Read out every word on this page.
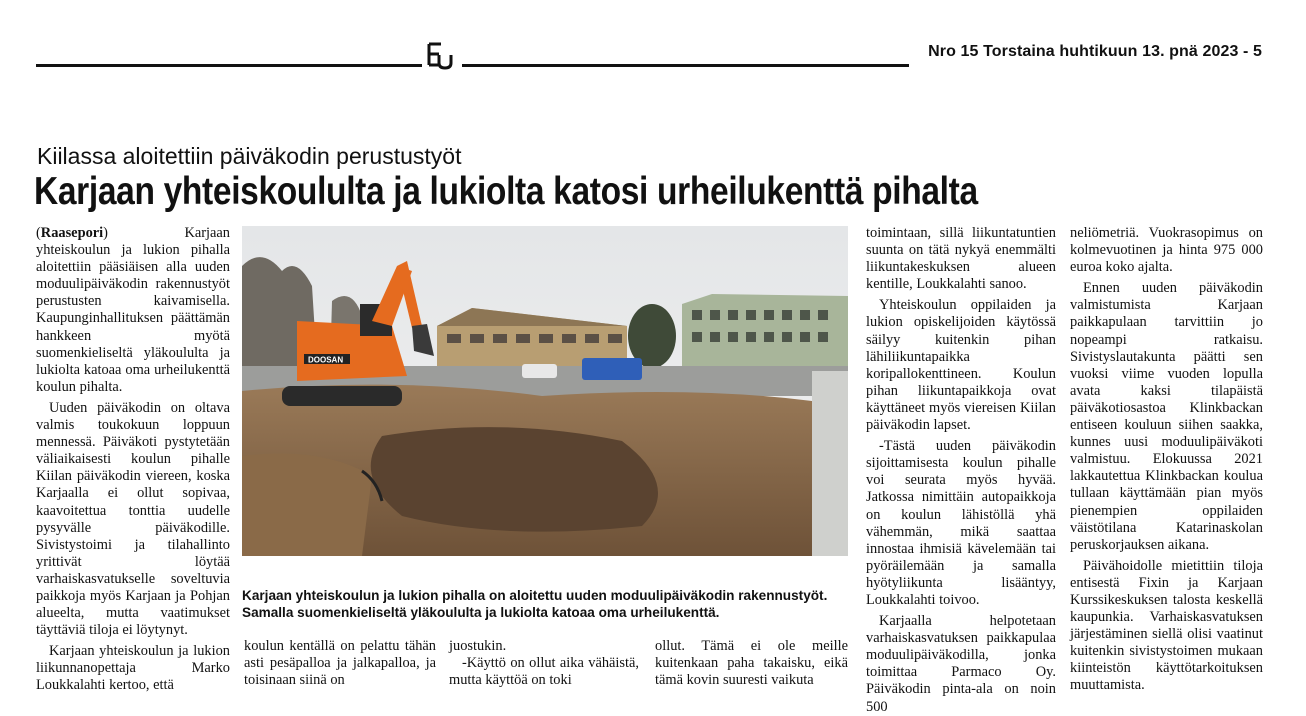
Nro 15 Torstaina huhtikuun 13. pnä 2023 - 5
Kiilassa aloitettiin päiväkodin perustustyöt
Karjaan yhteiskoululta ja lukiolta katosi urheilukenttä pihalta

(Raasepori) Karjaan yhteiskoulun ja lukion pihalla aloitettiin pääsiäisen alla uuden moduulipäiväkodin rakennustyöt perustusten kaivamisella. Kaupunginhallituksen päättämän hankkeen myötä suomenkieliseltä yläkoululta ja lukiolta katoaa oma urheilukenttä koulun pihalta.

Uuden päiväkodin on oltava valmis toukokuun loppuun mennessä. Päiväkoti pystytetään väliaikaisesti koulun pihalle Kiilan päiväkodin viereen, koska Karjaalla ei ollut sopivaa, kaavoitettua tonttia uudelle pysyvälle päiväkodille. Sivistystoimi ja tilahallinto yrittivät löytää varhaiskasvatukselle soveltuvia paikkoja myös Karjaan ja Pohjan alueelta, mutta vaatimukset täyttäviä tiloja ei löytynyt.

Karjaan yhteiskoulun ja lukion liikunnanopettaja Marko Loukkalahti kertoo, että

DOOSAN
Karjaan yhteiskoulun ja lukion pihalla on aloitettu uuden moduulipäiväkodin rakennustyöt. Samalla suomenkieliseltä yläkoululta ja lukiolta katoaa oma urheilukenttä.

koulun kentällä on pelattu tähän asti pesäpalloa ja jalkapalloa, ja toisinaan siinä on

juostukin.

-Käyttö on ollut aika vähäistä, mutta käyttöä on toki

ollut. Tämä ei ole meille kuitenkaan paha takaisku, eikä tämä kovin suuresti vaikuta

toimintaan, sillä liikuntatuntien suunta on tätä nykyä enemmälti liikuntakeskuksen alueen kentille, Loukkalahti sanoo.

Yhteiskoulun oppilaiden ja lukion opiskelijoiden käytössä säilyy kuitenkin pihan lähiliikuntapaikka koripallokenttineen. Koulun pihan liikuntapaikkoja ovat käyttäneet myös viereisen Kiilan päiväkodin lapset.

-Tästä uuden päiväkodin sijoittamisesta koulun pihalle voi seurata myös hyvää. Jatkossa nimittäin autopaikkoja on koulun lähistöllä yhä vähemmän, mikä saattaa innostaa ihmisiä kävelemään tai pyöräilemään ja samalla hyötyliikunta lisääntyy, Loukkalahti toivoo.

Karjaalla helpotetaan varhaiskasvatuksen paikkapulaa moduulipäiväkodilla, jonka toimittaa Parmaco Oy. Päiväkodin pinta-ala on noin 500

neliömetriä. Vuokrasopimus on kolmevuotinen ja hinta 975 000 euroa koko ajalta.

Ennen uuden päiväkodin valmistumista Karjaan paikkapulaan tarvittiin jo nopeampi ratkaisu. Sivistyslautakunta päätti sen vuoksi viime vuoden lopulla avata kaksi tilapäistä päiväkotiosastoa Klinkbackan entiseen kouluun siihen saakka, kunnes uusi moduulipäiväkoti valmistuu. Elokuussa 2021 lakkautettua Klinkbackan koulua tullaan käyttämään pian myös pienempien oppilaiden väistötilana Katarinaskolan peruskorjauksen aikana.

Päivähoidolle mietittiin tiloja entisestä Fixin ja Karjaan Kurssikeskuksen talosta keskellä kaupunkia. Varhaiskasvatuksen järjestäminen siellä olisi vaatinut kuitenkin sivistystoimen mukaan kiinteistön käyttötarkoituksen muuttamista.
